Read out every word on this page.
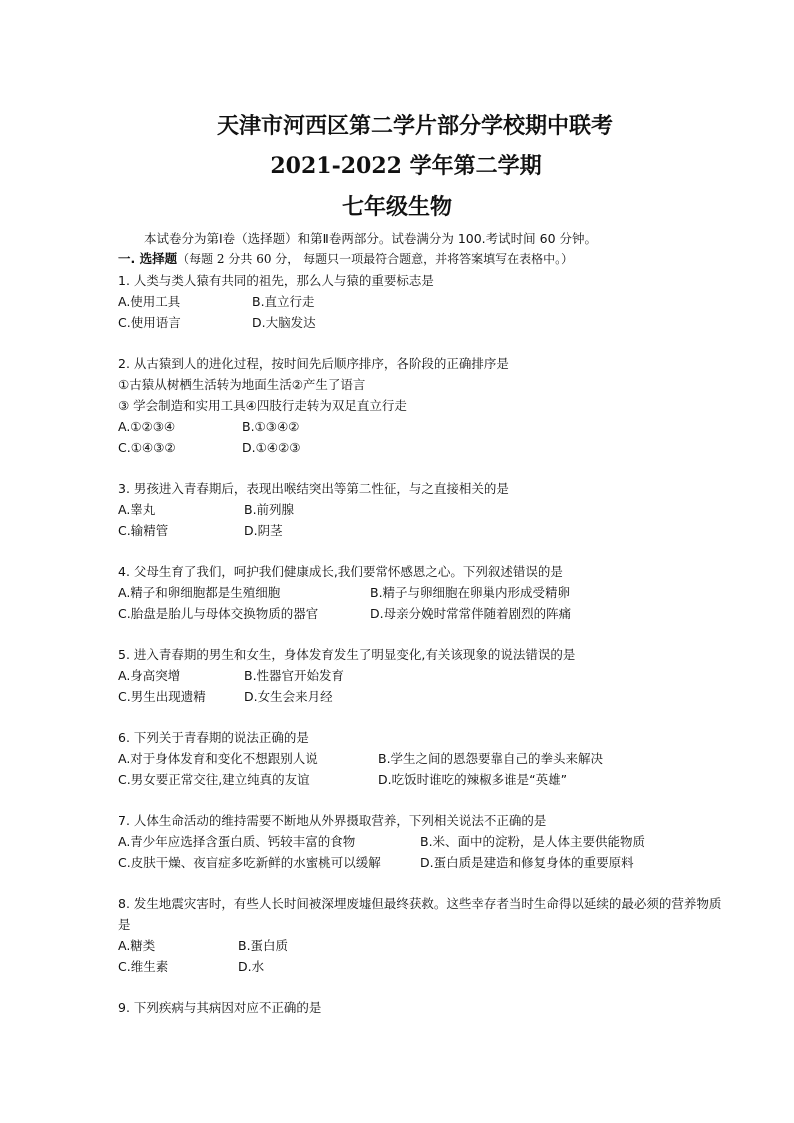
天津市河西区第二学片部分学校期中联考
2021-2022 学年第二学期
七年级生物
本试卷分为第Ⅰ卷（选择题）和第Ⅱ卷两部分。试卷满分为 100.考试时间 60 分钟。
一. 选择题（每题 2 分共 60 分， 每题只一项最符合题意，并将答案填写在表格中。）
1. 人类与类人猿有共同的祖先，那么人与猿的重要标志是
A.使用工具	B.直立行走
C.使用语言	D.大脑发达
2. 从古猿到人的进化过程，按时间先后顺序排序，各阶段的正确排序是
①古猿从树栖生活转为地面生活②产生了语言
③ 学会制造和实用工具④四肢行走转为双足直立行走
A.①②③④	B.①③④②
C.①④③②	D.①④②③
3. 男孩进入青春期后，表现出喉结突出等第二性征，与之直接相关的是
A.睾丸	B.前列腺
C.输精管	D.阴茎
4. 父母生育了我们，呵护我们健康成长,我们要常怀感恩之心。下列叙述错误的是
A.精子和卵细胞都是生殖细胞	B.精子与卵细胞在卵巢内形成受精卵
C.胎盘是胎儿与母体交换物质的器官	D.母亲分娩时常常伴随着剧烈的阵痛
5. 进入青春期的男生和女生，身体发育发生了明显变化,有关该现象的说法错误的是
A.身高突增	B.性器官开始发育
C.男生出现遗精	D.女生会来月经
6. 下列关于青春期的说法正确的是
A.对于身体发育和变化不想跟别人说	B.学生之间的恩怨要靠自己的拳头来解决
C.男女要正常交往,建立纯真的友谊	D.吃饭时谁吃的辣椒多谁是“英雄”
7. 人体生命活动的维持需要不断地从外界摄取营养，下列相关说法不正确的是
A.青少年应选择含蛋白质、钙较丰富的食物	B.米、面中的淀粉，是人体主要供能物质
C.皮肤干燥、夜盲症多吃新鲜的水蜜桃可以缓解	D.蛋白质是建造和修复身体的重要原料
8. 发生地震灾害时，有些人长时间被深埋废墟但最终获救。这些幸存者当时生命得以延续的最必须的营养物质是
A.糖类	B.蛋白质
C.维生素	D.水
9. 下列疾病与其病因对应不正确的是
